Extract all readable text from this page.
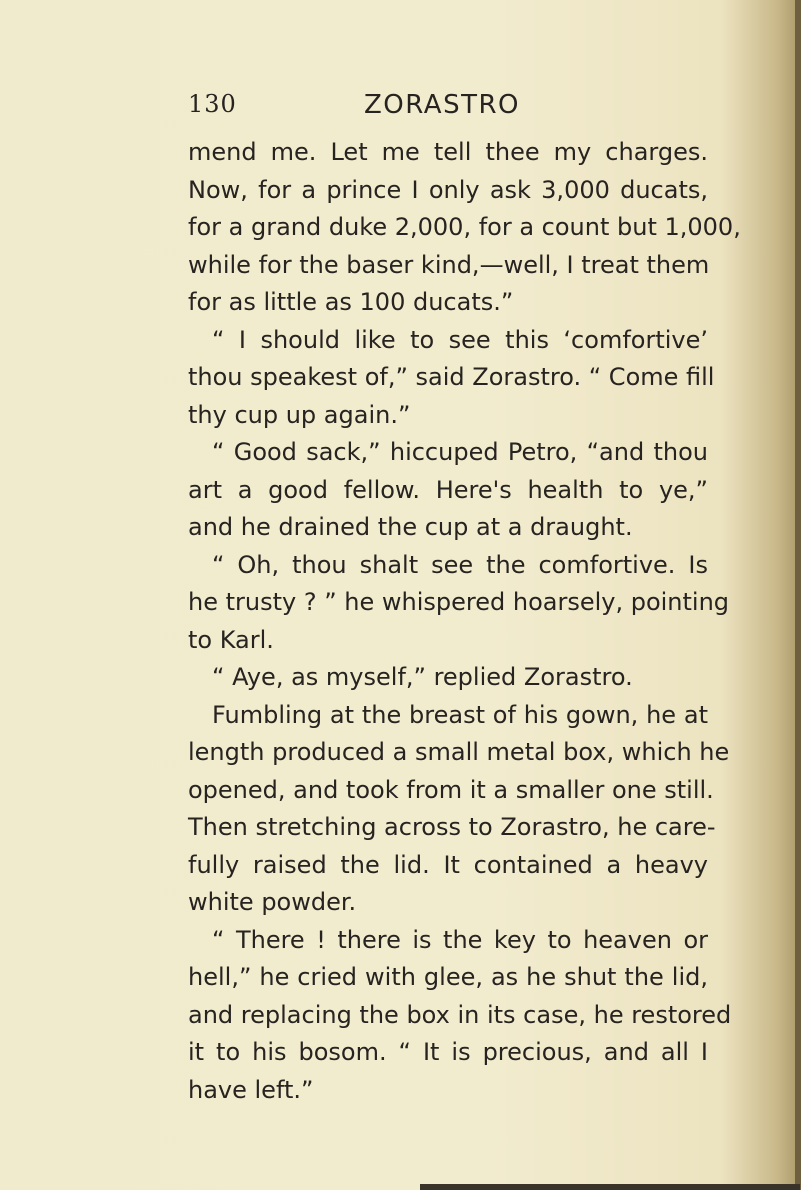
130	ZORASTRO
mend me. Let me tell thee my charges.
Now, for a prince I only ask 3,000 ducats,
for a grand duke 2,000, for a count but 1,000,
while for the baser kind,—well, I treat them
for as little as 100 ducats.”
“ I should like to see this ‘comfortive’
thou speakest of,” said Zorastro. “ Come fill
thy cup up again.”
“ Good sack,” hiccuped Petro, “and thou
art a good fellow. Here's health to ye,”
and he drained the cup at a draught.
“ Oh, thou shalt see the comfortive. Is
he trusty ? ” he whispered hoarsely, pointing
to Karl.
“ Aye, as myself,” replied Zorastro.
Fumbling at the breast of his gown, he at
length produced a small metal box, which he
opened, and took from it a smaller one still.
Then stretching across to Zorastro, he care-
fully raised the lid. It contained a heavy
white powder.
“ There ! there is the key to heaven or
hell,” he cried with glee, as he shut the lid,
and replacing the box in its case, he restored
it to his bosom. “ It is precious, and all I
have left.”
